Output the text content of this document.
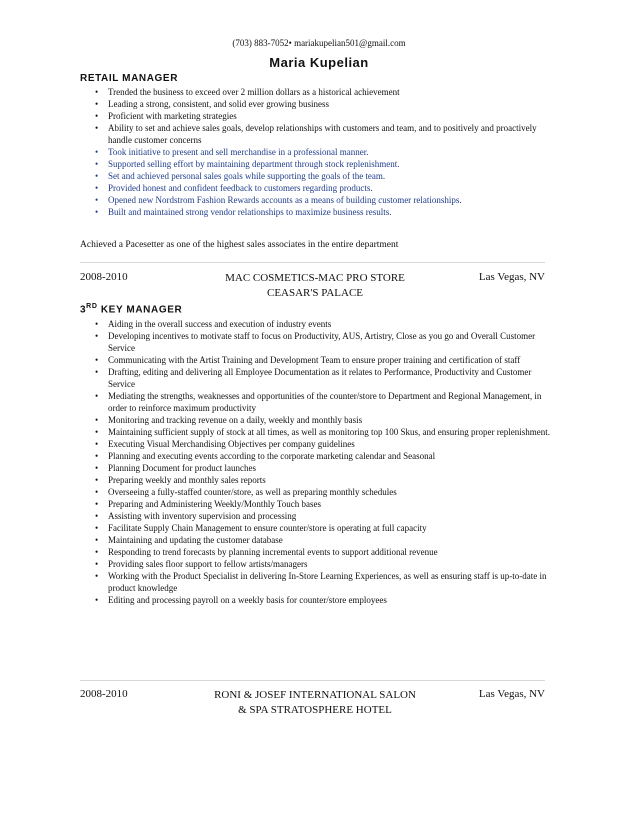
(703) 883-7052• mariakupelian501@gmail.com
Maria Kupelian
RETAIL MANAGER
• Trended the business to exceed over 2 million dollars as a historical achievement
• Leading a strong, consistent, and solid ever growing business
• Proficient with marketing strategies
• Ability to set and achieve sales goals, develop relationships with customers and team, and to positively and proactively handle customer concerns
• Took initiative to present and sell merchandise in a professional manner.
• Supported selling effort by maintaining department through stock replenishment.
• Set and achieved personal sales goals while supporting the goals of the team.
• Provided honest and confident feedback to customers regarding products.
• Opened new Nordstrom Fashion Rewards accounts as a means of building customer relationships.
• Built and maintained strong vendor relationships to maximize business results.
Achieved a Pacesetter as one of the highest sales associates in the entire department
2008-2010	MAC COSMETICS-MAC PRO STORE
CEASAR'S PALACE
Las Vegas, NV
3RD KEY MANAGER
• Aiding in the overall success and execution of industry events
• Developing incentives to motivate staff to focus on Productivity, AUS, Artistry, Close as you go and Overall Customer Service
• Communicating with the Artist Training and Development Team to ensure proper training and certification of staff
• Drafting, editing and delivering all Employee Documentation as it relates to Performance, Productivity and Customer Service
• Mediating the strengths, weaknesses and opportunities of the counter/store to Department and Regional Management, in order to reinforce maximum productivity
• Monitoring and tracking revenue on a daily, weekly and monthly basis
• Maintaining sufficient supply of stock at all times, as well as monitoring top 100 Skus, and ensuring proper replenishment.
• Executing Visual Merchandising Objectives per company guidelines
• Planning and executing events according to the corporate marketing calendar and Seasonal
• Planning Document for product launches
• Preparing weekly and monthly sales reports
• Overseeing a fully-staffed counter/store, as well as preparing monthly schedules
• Preparing and Administering Weekly/Monthly Touch bases
• Assisting with inventory supervision and processing
• Facilitate Supply Chain Management to ensure counter/store is operating at full capacity
• Maintaining and updating the customer database
• Responding to trend forecasts by planning incremental events to support additional revenue
• Providing sales floor support to fellow artists/managers
• Working with the Product Specialist in delivering In-Store Learning Experiences, as well as ensuring staff is up-to-date in product knowledge
• Editing and processing payroll on a weekly basis for counter/store employees
2008-2010	RONI & JOSEF INTERNATIONAL SALON
& SPA STRATOSPHERE HOTEL
Las Vegas, NV
